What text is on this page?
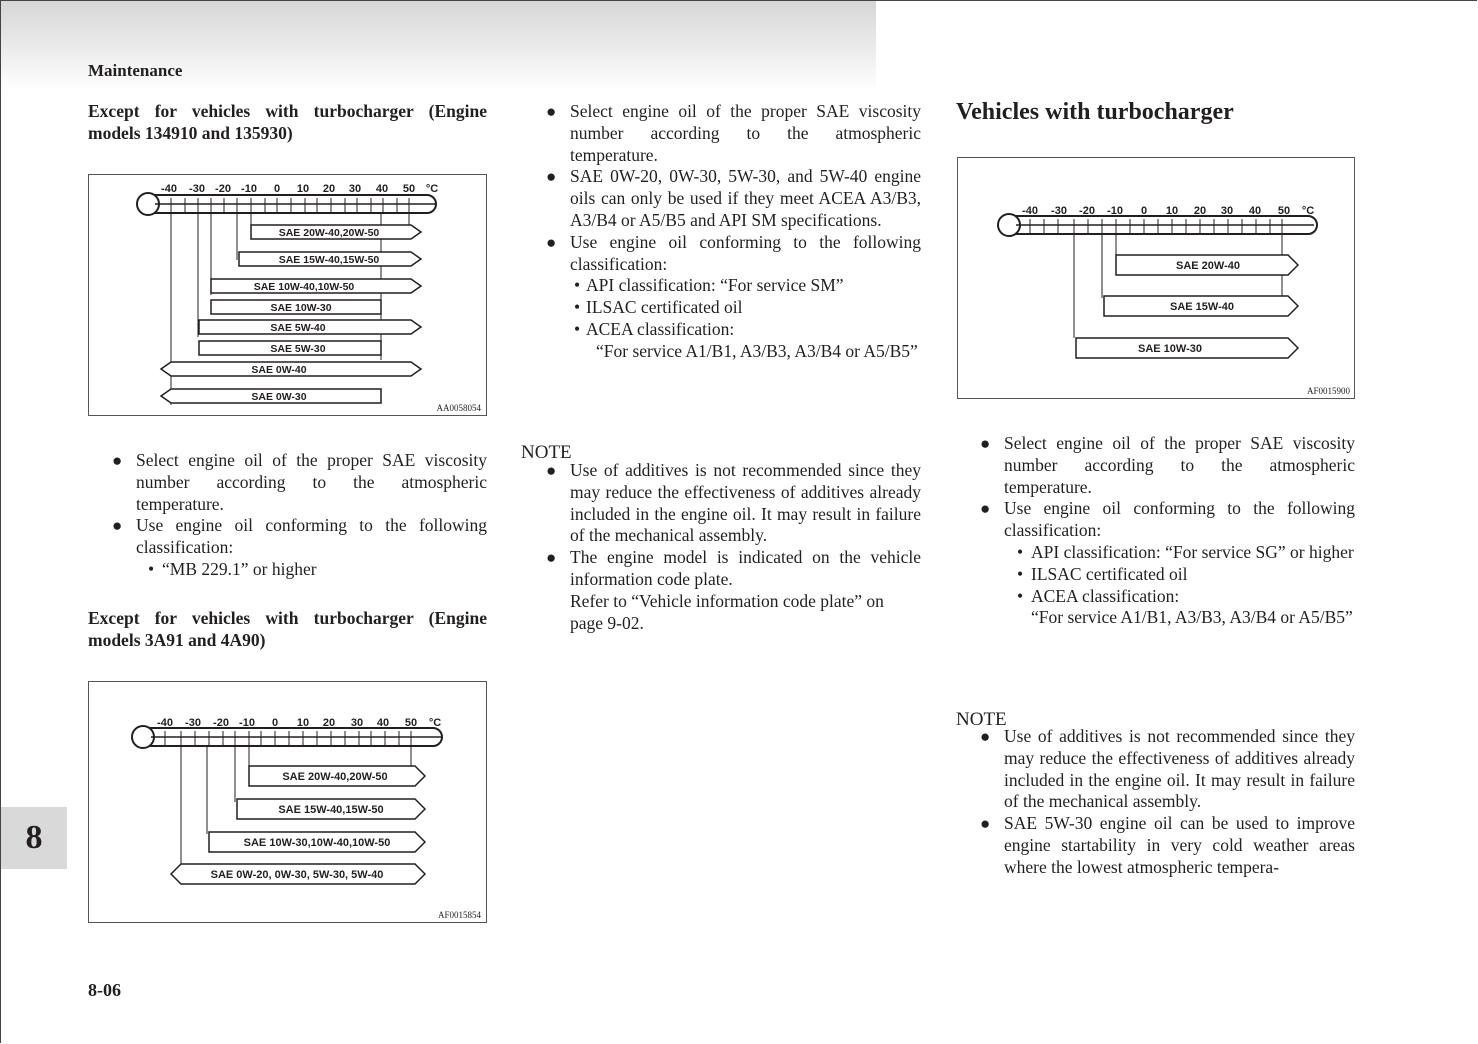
Maintenance
8
8-06
Except for vehicles with turbocharger (Engine models 134910 and 135930)
-40 -30 -20 -10 0 10 20 30 40 50 °C
SAE 20W-40,20W-50
SAE 15W-40,15W-50
SAE 10W-40,10W-50
SAE 10W-30
SAE 5W-40
SAE 5W-30
SAE 0W-40
SAE 0W-30
AA0058054
● Select engine oil of the proper SAE viscosity number according to the atmospheric temperature.
● Use engine oil conforming to the following classification:
• “MB 229.1” or higher
Except for vehicles with turbocharger (Engine models 3A91 and 4A90)
-40 -30 -20 -10 0 10 20 30 40 50 °C
SAE 20W-40,20W-50
SAE 15W-40,15W-50
SAE 10W-30,10W-40,10W-50
SAE 0W-20, 0W-30, 5W-30, 5W-40
AF0015854
● Select engine oil of the proper SAE viscosity number according to the atmospheric temperature.
● SAE 0W-20, 0W-30, 5W-30, and 5W-40 engine oils can only be used if they meet ACEA A3/B3, A3/B4 or A5/B5 and API SM specifications.
● Use engine oil conforming to the following classification:
• API classification: “For service SM”
• ILSAC certificated oil
• ACEA classification:
“For service A1/B1, A3/B3, A3/B4 or A5/B5”
NOTE
● Use of additives is not recommended since they may reduce the effectiveness of additives already included in the engine oil. It may result in failure of the mechanical assembly.
● The engine model is indicated on the vehicle information code plate.
Refer to “Vehicle information code plate” on page 9-02.
Vehicles with turbocharger
-40 -30 -20 -10 0 10 20 30 40 50 °C
SAE 20W-40
SAE 15W-40
SAE 10W-30
AF0015900
● Select engine oil of the proper SAE viscosity number according to the atmospheric temperature.
● Use engine oil conforming to the following classification:
• API classification: “For service SG” or higher
• ILSAC certificated oil
• ACEA classification:
“For service A1/B1, A3/B3, A3/B4 or A5/B5”
NOTE
● Use of additives is not recommended since they may reduce the effectiveness of additives already included in the engine oil. It may result in failure of the mechanical assembly.
● SAE 5W-30 engine oil can be used to improve engine startability in very cold weather areas where the lowest atmospheric tempera-
